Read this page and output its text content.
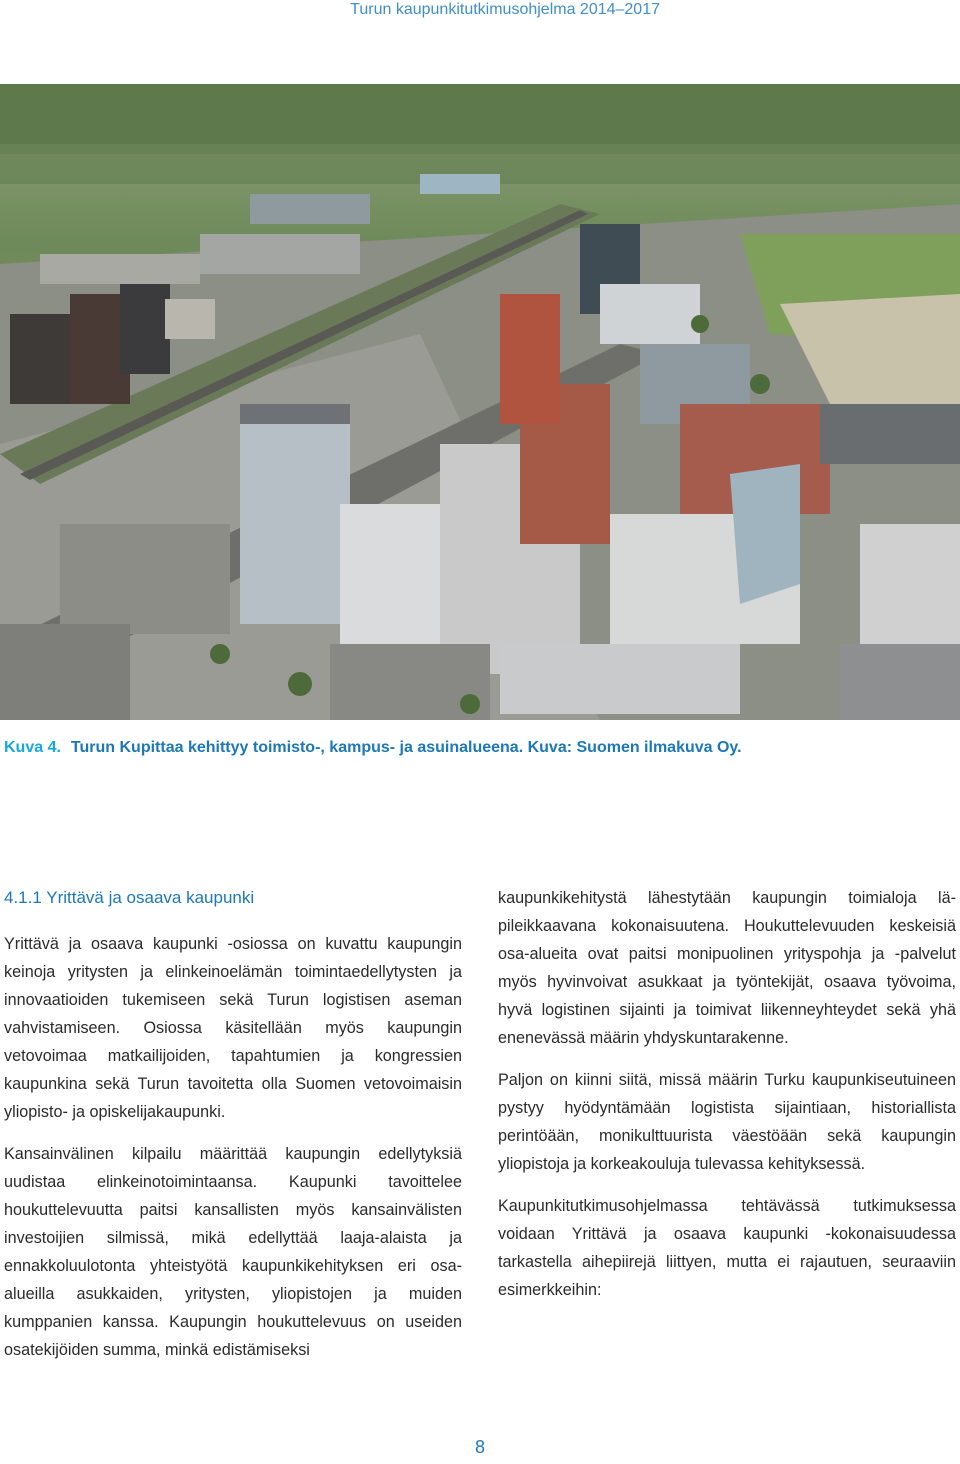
Turun kaupunkitutkimusohjelma 2014–2017
Kuva 4. Turun Kupittaa kehittyy toimisto-, kampus- ja asuinalueena. Kuva: Suomen ilmakuva Oy.
4.1.1 Yrittävä ja osaava kaupunki

Yrittävä ja osaava kaupunki -osiossa on kuvattu kaupungin keinoja yritysten ja elinkeinoelämän toimintaedellytysten ja innovaatioiden tukemiseen sekä Turun logistisen aseman vahvistamiseen. Osiossa käsitellään myös kaupungin vetovoimaa matkailijoiden, tapahtumien ja kongressien kaupunkina sekä Turun tavoitetta olla Suomen vetovoimaisin yliopisto- ja opiskelijakaupunki.

Kansainvälinen kilpailu määrittää kaupungin edellytyksiä uudistaa elinkeinotoimintaansa. Kaupunki tavoittelee houkuttelevuutta paitsi kansallisten myös kansainvälisten investoijien silmissä, mikä edellyttää laaja-alaista ja ennakkoluulotonta yhteistyötä kaupunkikehityksen eri osa-alueilla asukkaiden, yritysten, yliopistojen ja muiden kumppanien kanssa. Kaupungin houkuttelevuus on useiden osatekijöiden summa, minkä edistämiseksi

kaupunkikehitystä lähestytään kaupungin toimialoja läpileikkaavana kokonaisuutena. Houkuttelevuuden keskeisiä osa-alueita ovat paitsi monipuolinen yrityspohja ja -palvelut myös hyvinvoivat asukkaat ja työntekijät, osaava työvoima, hyvä logistinen sijainti ja toimivat liikenneyhteydet sekä yhä enenevässä määrin yhdyskuntarakenne.

Paljon on kiinni siitä, missä määrin Turku kaupunkiseutuineen pystyy hyödyntämään logistista sijaintiaan, historiallista perintöään, monikulttuurista väestöään sekä kaupungin yliopistoja ja korkeakouluja tulevassa kehityksessä.

Kaupunkitutkimusohjelmassa tehtävässä tutkimuksessa voidaan Yrittävä ja osaava kaupunki -kokonaisuudessa tarkastella aihepiirejä liittyen, mutta ei rajautuen, seuraaviin esimerkkeihin:

8
